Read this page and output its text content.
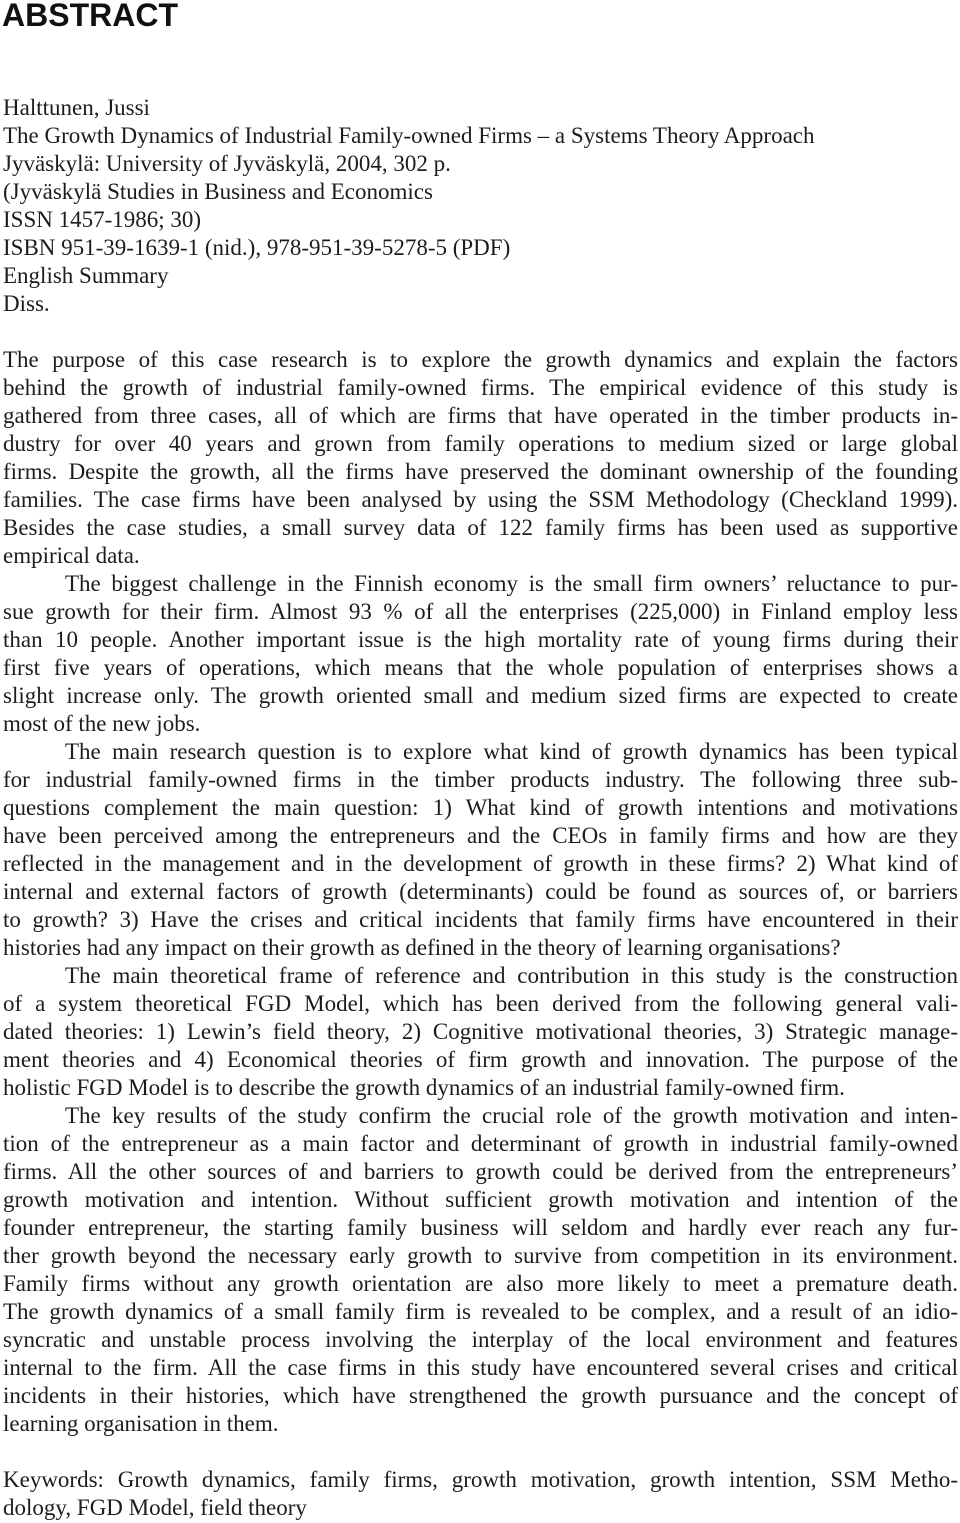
ABSTRACT
Halttunen, Jussi
The Growth Dynamics of Industrial Family-owned Firms – a Systems Theory Approach
Jyväskylä: University of Jyväskylä, 2004, 302 p.
(Jyväskylä Studies in Business and Economics
ISSN 1457-1986; 30)
ISBN 951-39-1639-1 (nid.), 978-951-39-5278-5 (PDF)
English Summary
Diss.
The purpose of this case research is to explore the growth dynamics and explain the factors
behind the growth of industrial family-owned firms. The empirical evidence of this study is
gathered from three cases, all of which are firms that have operated in the timber products in-
dustry for over 40 years and grown from family operations to medium sized or large global
firms. Despite the growth, all the firms have preserved the dominant ownership of the founding
families. The case firms have been analysed by using the SSM Methodology (Checkland 1999).
Besides the case studies, a small survey data of 122 family firms has been used as supportive
empirical data.
The biggest challenge in the Finnish economy is the small firm owners’ reluctance to pur-
sue growth for their firm. Almost 93 % of all the enterprises (225,000) in Finland employ less
than 10 people. Another important issue is the high mortality rate of young firms during their
first five years of operations, which means that the whole population of enterprises shows a
slight increase only. The growth oriented small and medium sized firms are expected to create
most of the new jobs.
The main research question is to explore what kind of growth dynamics has been typical
for industrial family-owned firms in the timber products industry. The following three sub-
questions complement the main question: 1) What kind of growth intentions and motivations
have been perceived among the entrepreneurs and the CEOs in family firms and how are they
reflected in the management and in the development of growth in these firms? 2) What kind of
internal and external factors of growth (determinants) could be found as sources of, or barriers
to growth? 3) Have the crises and critical incidents that family firms have encountered in their
histories had any impact on their growth as defined in the theory of learning organisations?
The main theoretical frame of reference and contribution in this study is the construction
of a system theoretical FGD Model, which has been derived from the following general vali-
dated theories: 1) Lewin’s field theory, 2) Cognitive motivational theories, 3) Strategic manage-
ment theories and 4) Economical theories of firm growth and innovation. The purpose of the
holistic FGD Model is to describe the growth dynamics of an industrial family-owned firm.
The key results of the study confirm the crucial role of the growth motivation and inten-
tion of the entrepreneur as a main factor and determinant of growth in industrial family-owned
firms. All the other sources of and barriers to growth could be derived from the entrepreneurs’
growth motivation and intention. Without sufficient growth motivation and intention of the
founder entrepreneur, the starting family business will seldom and hardly ever reach any fur-
ther growth beyond the necessary early growth to survive from competition in its environment.
Family firms without any growth orientation are also more likely to meet a premature death.
The growth dynamics of a small family firm is revealed to be complex, and a result of an idio-
syncratic and unstable process involving the interplay of the local environment and features
internal to the firm. All the case firms in this study have encountered several crises and critical
incidents in their histories, which have strengthened the growth pursuance and the concept of
learning organisation in them.
Keywords: Growth dynamics, family firms, growth motivation, growth intention, SSM Metho-
dology, FGD Model, field theory
